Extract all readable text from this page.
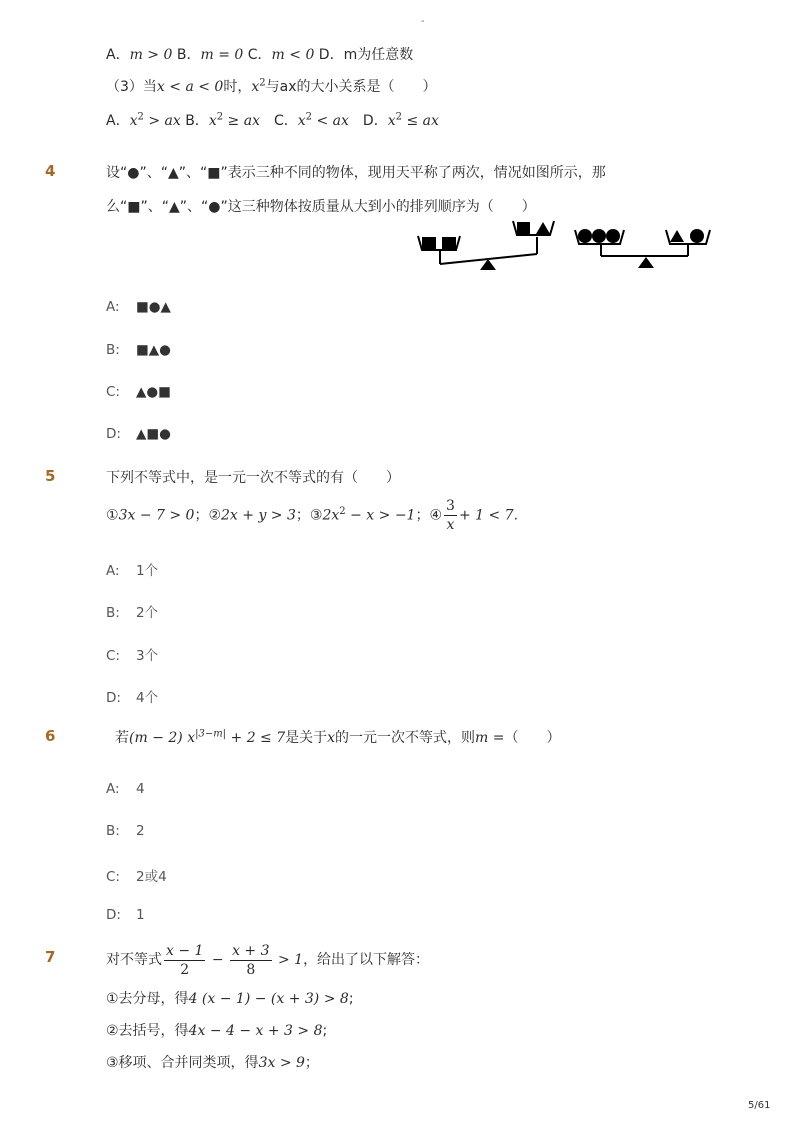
-
A．m > 0 B．m = 0 C．m < 0 D．m为任意数
（3）当x < a < 0时，$x^2$与ax的大小关系是（　　）
A．$x^2$ > ax B．$x^2$ ≥ ax　C．$x^2$ < ax　D．$x^2$ ≤ ax
4	设“●”、“▲”、“■”表示三种不同的物体，现用天平称了两次，情况如图所示，那
么“■”、“▲”、“●”这三种物体按质量从大到小的排列顺序为（　　）
A: ■●▲
B: ■▲●
C: ▲●■
D: ▲■●
5	下列不等式中，是一元一次不等式的有（　　）
①3x − 7 > 0；②2x + y > 3；$③2x^2 - x > -1$；④ $\frac{3}{x} + 1 < 7$.
A: 1个
B: 2个
C: 3个
D: 4个
6	若(m − 2) $x^{|3-m|} + 2 \le 7$是关于x的一元一次不等式，则m =（　　）
A: 4
B: 2
C: 2或4
D: 1
7	对不等式 $\frac{x - 1}{2} - \frac{x + 3}{8} > 1$，给出了以下解答：
①去分母，得4 (x − 1) − (x + 3) > 8;
②去括号，得4x − 4 − x + 3 > 8;
③移项、合并同类项，得3x > 9；
5/61
